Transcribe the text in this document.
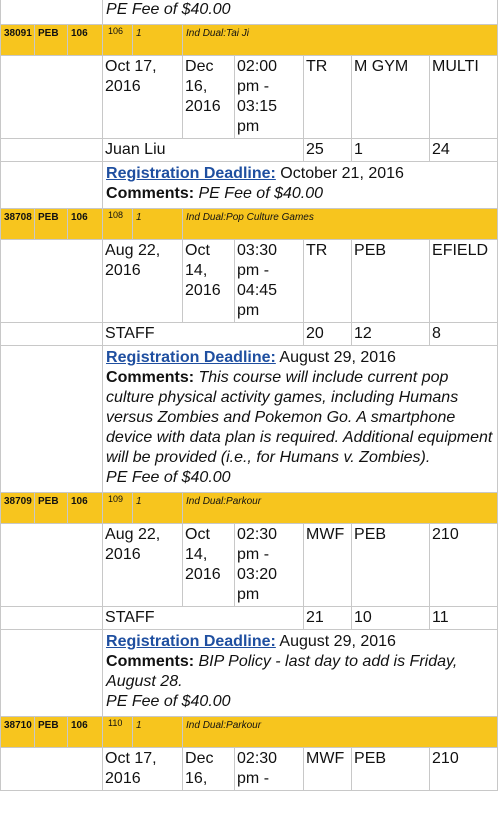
			PE Fee of $40.00						

38091	PEB	106	106	1	Ind Dual:Tai Ji				
			Oct 17, 2016		Dec 16, 2016	02:00 pm - 03:15 pm	TR	M GYM	MULTI
			Juan Liu				25	1	24

			Registration Deadline: October 21, 2016
Comments: PE Fee of $40.00						

38708	PEB	106	108	1	Ind Dual:Pop Culture Games				
			Aug 22, 2016		Oct 14, 2016	03:30 pm - 04:45 pm	TR	PEB	EFIELD
			STAFF				20	12	8

			Registration Deadline: August 29, 2016
Comments: This course will include current pop culture physical activity games, including Humans versus Zombies and Pokemon Go. A smartphone device with data plan is required. Additional equipment will be provided (i.e., for Humans v. Zombies).
PE Fee of $40.00						

38709	PEB	106	109	1	Ind Dual:Parkour				
			Aug 22, 2016		Oct 14, 2016	02:30 pm - 03:20 pm	MWF	PEB	210
			STAFF				21	10	11

			Registration Deadline: August 29, 2016
Comments: BIP Policy - last day to add is Friday, August 28.
PE Fee of $40.00						

38710	PEB	106	110	1	Ind Dual:Parkour				
			Oct 17, 2016		Dec 16,	02:30 pm -	MWF	PEB	210
